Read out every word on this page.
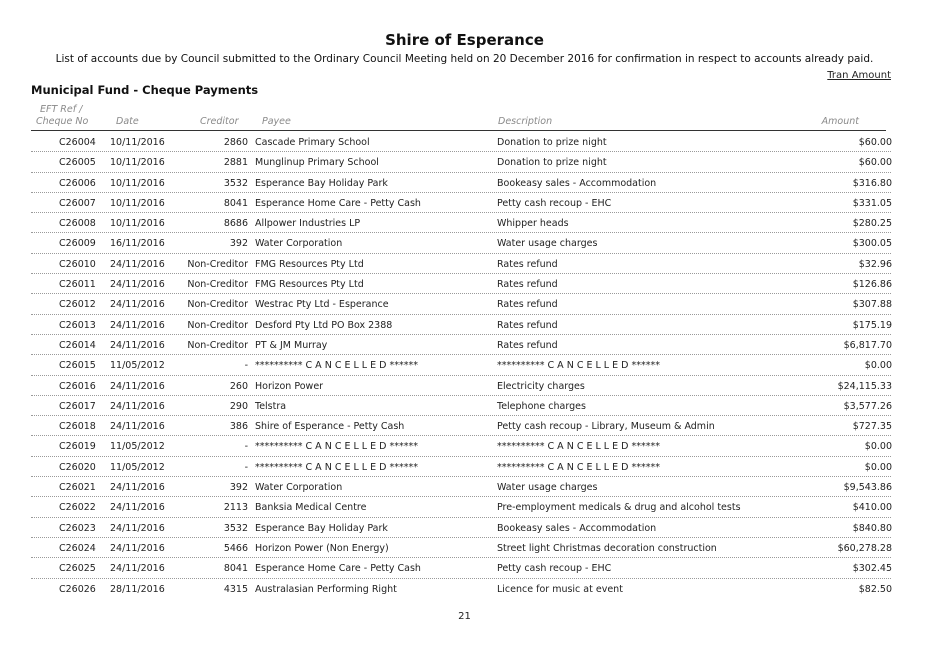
Shire of Esperance
List of accounts due by Council submitted to the Ordinary Council Meeting held on 20 December 2016 for confirmation in respect to accounts already paid.
Tran Amount
Municipal Fund - Cheque Payments
EFT Ref /
Cheque No	Date	Creditor Payee	Description	Amount
C26004 10/11/2016	2860 Cascade Primary School	Donation to prize night	$60.00
C26005 10/11/2016	2881 Munglinup Primary School	Donation to prize night	$60.00
C26006 10/11/2016	3532 Esperance Bay Holiday Park	Bookeasy sales - Accommodation	$316.80
C26007 10/11/2016	8041 Esperance Home Care - Petty Cash	Petty cash recoup - EHC	$331.05
C26008 10/11/2016	8686 Allpower Industries LP	Whipper heads	$280.25
C26009 16/11/2016	392 Water Corporation	Water usage charges	$300.05
C26010 24/11/2016 Non-Creditor FMG Resources Pty Ltd	Rates refund	$32.96
C26011 24/11/2016 Non-Creditor FMG Resources Pty Ltd	Rates refund	$126.86
C26012 24/11/2016 Non-Creditor Westrac Pty Ltd - Esperance	Rates refund	$307.88
C26013 24/11/2016 Non-Creditor Desford Pty Ltd PO Box 2388	Rates refund	$175.19
C26014 24/11/2016 Non-Creditor PT & JM Murray	Rates refund	$6,817.70
C26015 11/05/2012	- ********** C A N C E L L E D ******	********** C A N C E L L E D ******	$0.00
C26016 24/11/2016	260 Horizon Power	Electricity charges	$24,115.33
C26017 24/11/2016	290 Telstra	Telephone charges	$3,577.26
C26018 24/11/2016	386 Shire of Esperance - Petty Cash	Petty cash recoup - Library, Museum & Admin	$727.35
C26019 11/05/2012	- ********** C A N C E L L E D ******	********** C A N C E L L E D ******	$0.00
C26020 11/05/2012	- ********** C A N C E L L E D ******	********** C A N C E L L E D ******	$0.00
C26021 24/11/2016	392 Water Corporation	Water usage charges	$9,543.86
C26022 24/11/2016	2113 Banksia Medical Centre	Pre-employment medicals & drug and alcohol tests	$410.00
C26023 24/11/2016	3532 Esperance Bay Holiday Park	Bookeasy sales - Accommodation	$840.80
C26024 24/11/2016	5466 Horizon Power (Non Energy)	Street light Christmas decoration construction	$60,278.28
C26025 24/11/2016	8041 Esperance Home Care - Petty Cash	Petty cash recoup - EHC	$302.45
C26026 28/11/2016	4315 Australasian Performing Right	Licence for music at event	$82.50
21
